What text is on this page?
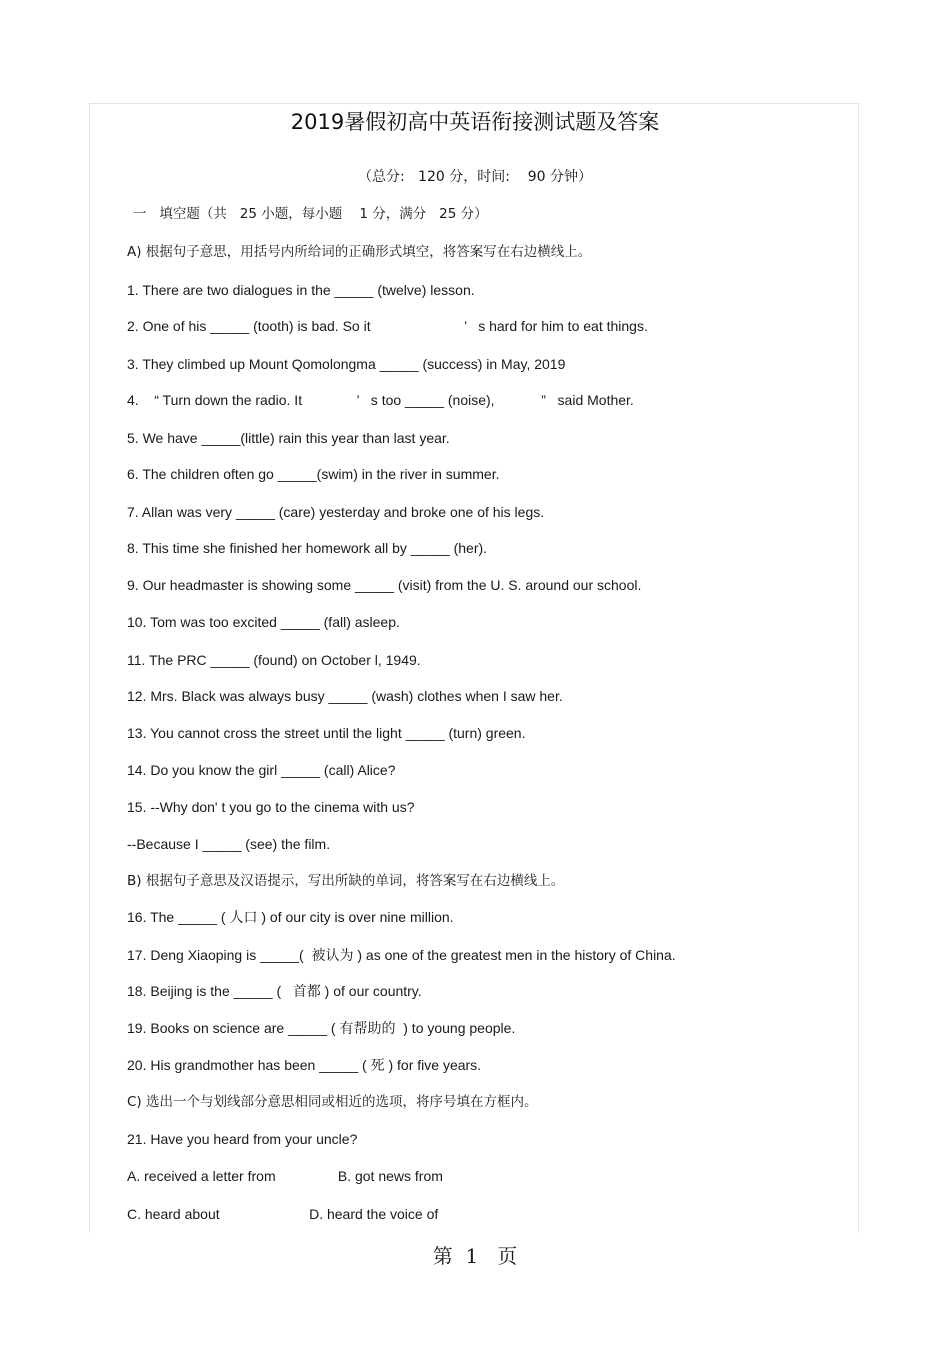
2019暑假初高中英语衔接测试题及答案
（总分:   120 分，时间:    90 分钟）
一   填空题（共   25 小题，每小题    1 分，满分   25 分）
A) 根据句子意思，用括号内所给词的正确形式填空，将答案写在右边横线上。
1. There are two dialogues in the _____ (twelve) lesson.
2. One of his _____ (tooth) is bad. So it                        ’   s hard for him to eat things.
3. They climbed up Mount Qomolongma _____ (success) in May, 2019
4.    “ Turn down the radio. It              ’   s too _____ (noise),            ”   said Mother.
5. We have _____(little) rain this year than last year.
6. The children often go _____(swim) in the river in summer.
7. Allan was very _____ (care) yesterday and broke one of his legs.
8. This time she finished her homework all by _____ (her).
9. Our headmaster is showing some _____ (visit) from the U. S. around our school.
10. Tom was too excited _____ (fall) asleep.
11. The PRC _____ (found) on October l, 1949.
12. Mrs. Black was always busy _____ (wash) clothes when I saw her.
13. You cannot cross the street until the light _____ (turn) green.
14. Do you know the girl _____ (call) Alice?
15. --Why don' t you go to the cinema with us?
--Because I _____ (see) the film.
B) 根据句子意思及汉语提示，写出所缺的单词，将答案写在右边横线上。
16. The _____ ( 人口 ) of our city is over nine million.
17. Deng Xiaoping is _____(  被认为 ) as one of the greatest men in the history of China.
18. Beijing is the _____ (   首都 ) of our country.
19. Books on science are _____ ( 有帮助的  ) to young people.
20. His grandmother has been _____ ( 死 ) for five years.
C) 选出一个与划线部分意思相同或相近的选项，将序号填在方框内。
21. Have you heard from your uncle?
A. received a letter from                B. got news from
C. heard about                       D. heard the voice of
第  1   页
